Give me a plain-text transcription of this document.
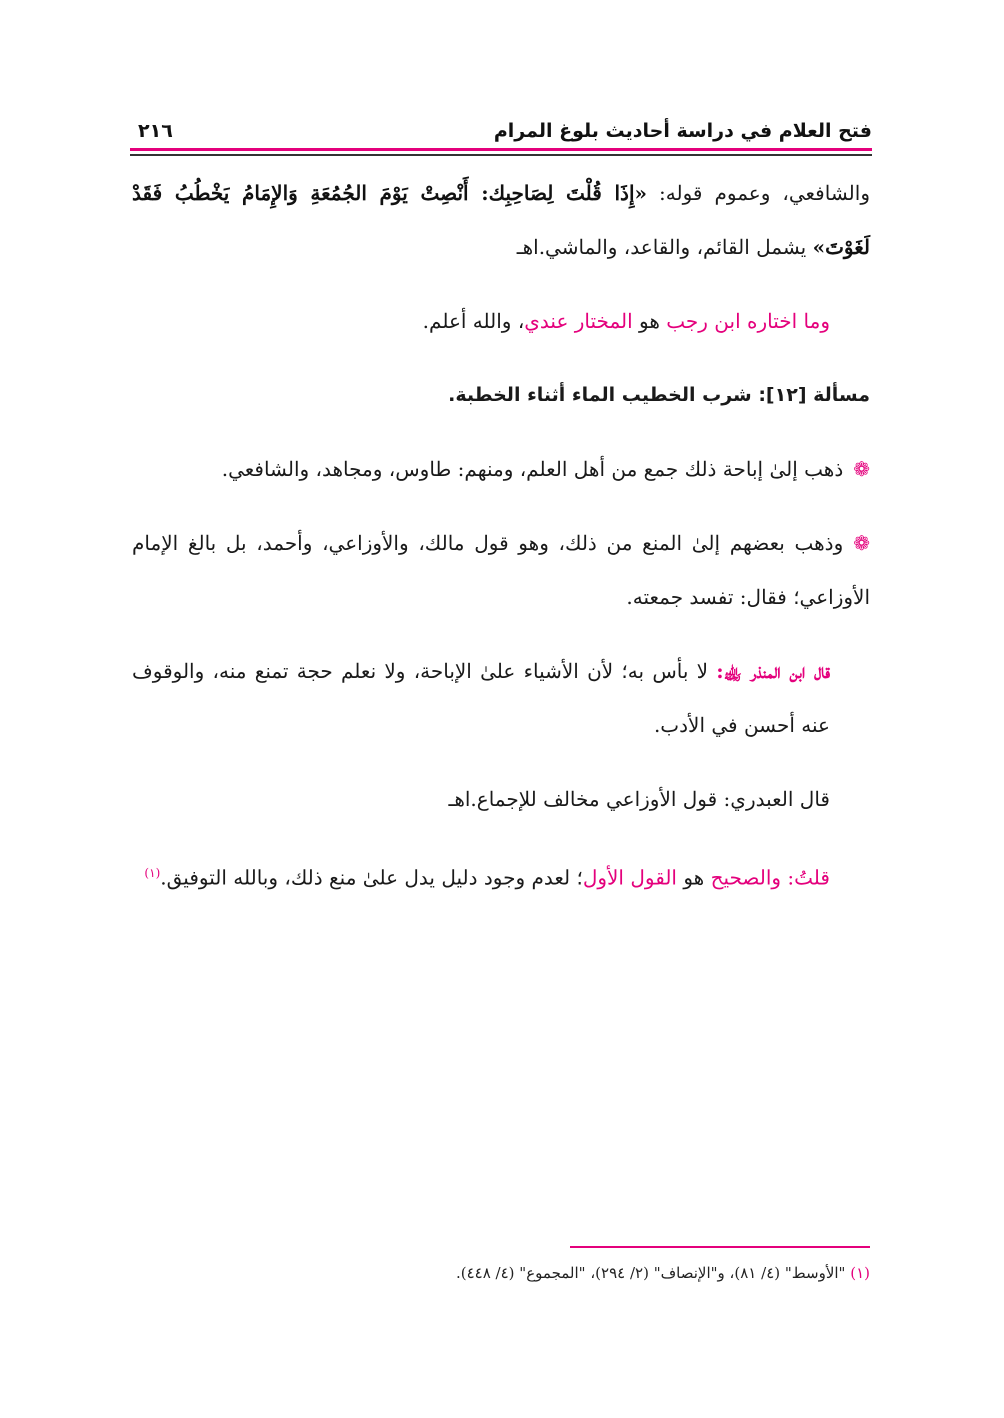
فتح العلام في دراسة أحاديث بلوغ المرام
٢١٦

والشافعي، وعموم قوله: «إِذَا قُلْتَ لِصَاحِبِك: أَنْصِتْ يَوْمَ الجُمُعَةِ وَالإِمَامُ يَخْطُبُ فَقَدْ لَغَوْتَ» يشمل القائم، والقاعد، والماشي.اهـ

وما اختاره ابن رجب هو المختار عندي، والله أعلم.

مسألة [١٢]: شرب الخطيب الماء أثناء الخطبة.

❁ذهب إلىٰ إباحة ذلك جمع من أهل العلم، ومنهم: طاوس، ومجاهد، والشافعي.

❁وذهب بعضهم إلىٰ المنع من ذلك، وهو قول مالك، والأوزاعي، وأحمد، بل بالغ الإمام الأوزاعي؛ فقال: تفسد جمعته.

قال ابن المنذر ﵀: لا بأس به؛ لأن الأشياء علىٰ الإباحة، ولا نعلم حجة تمنع منه، والوقوف عنه أحسن في الأدب.

قال العبدري: قول الأوزاعي مخالف للإجماع.اهـ

قلتُ: والصحيح هو القول الأول؛ لعدم وجود دليل يدل علىٰ منع ذلك، وبالله التوفيق.$^{(١)}$

(١) "الأوسط" (٤/ ٨١)، و"الإنصاف" (٢/ ٢٩٤)، "المجموع" (٤/ ٤٤٨).
